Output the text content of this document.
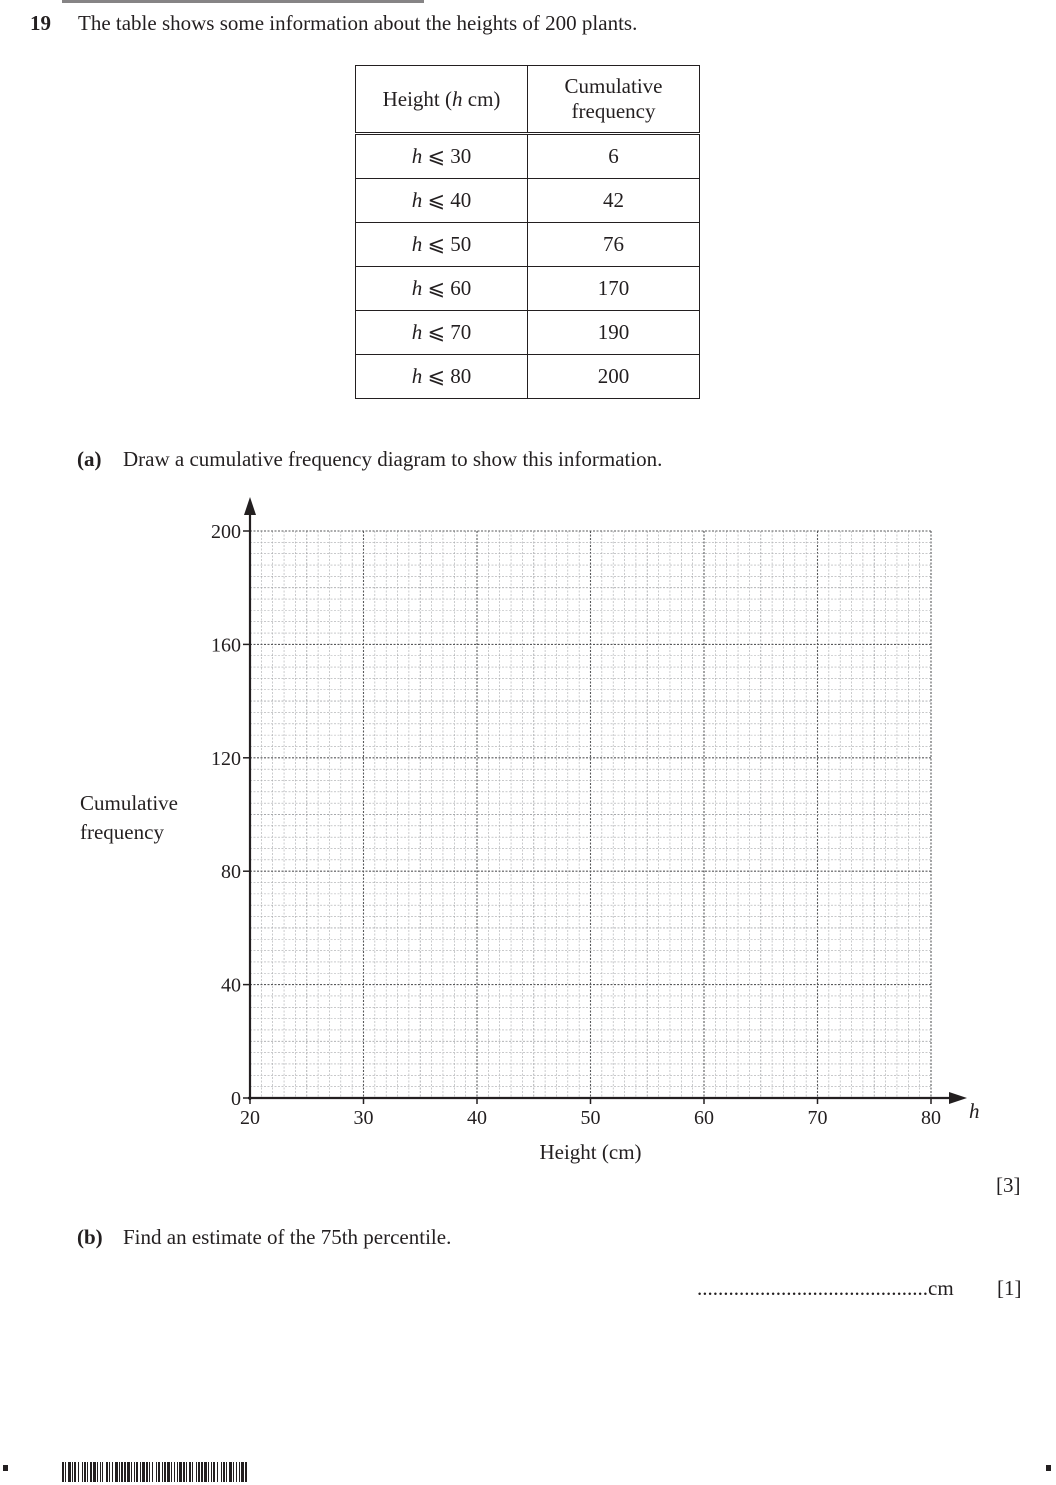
19 The table shows some information about the heights of 200 plants.
Height (h cm)	Cumulative
frequency
h ⩽ 30	6
h ⩽ 40	42
h ⩽ 50	76
h ⩽ 60	170
h ⩽ 70	190
h ⩽ 80	200
(a) Draw a cumulative frequency diagram to show this information.
Cumulative
frequency
20	30	40	50	60	70	80
0
40
80
120
160
200
h
Height (cm)
[3]
(b) Find an estimate of the 75th percentile.
............................................cm [1]
